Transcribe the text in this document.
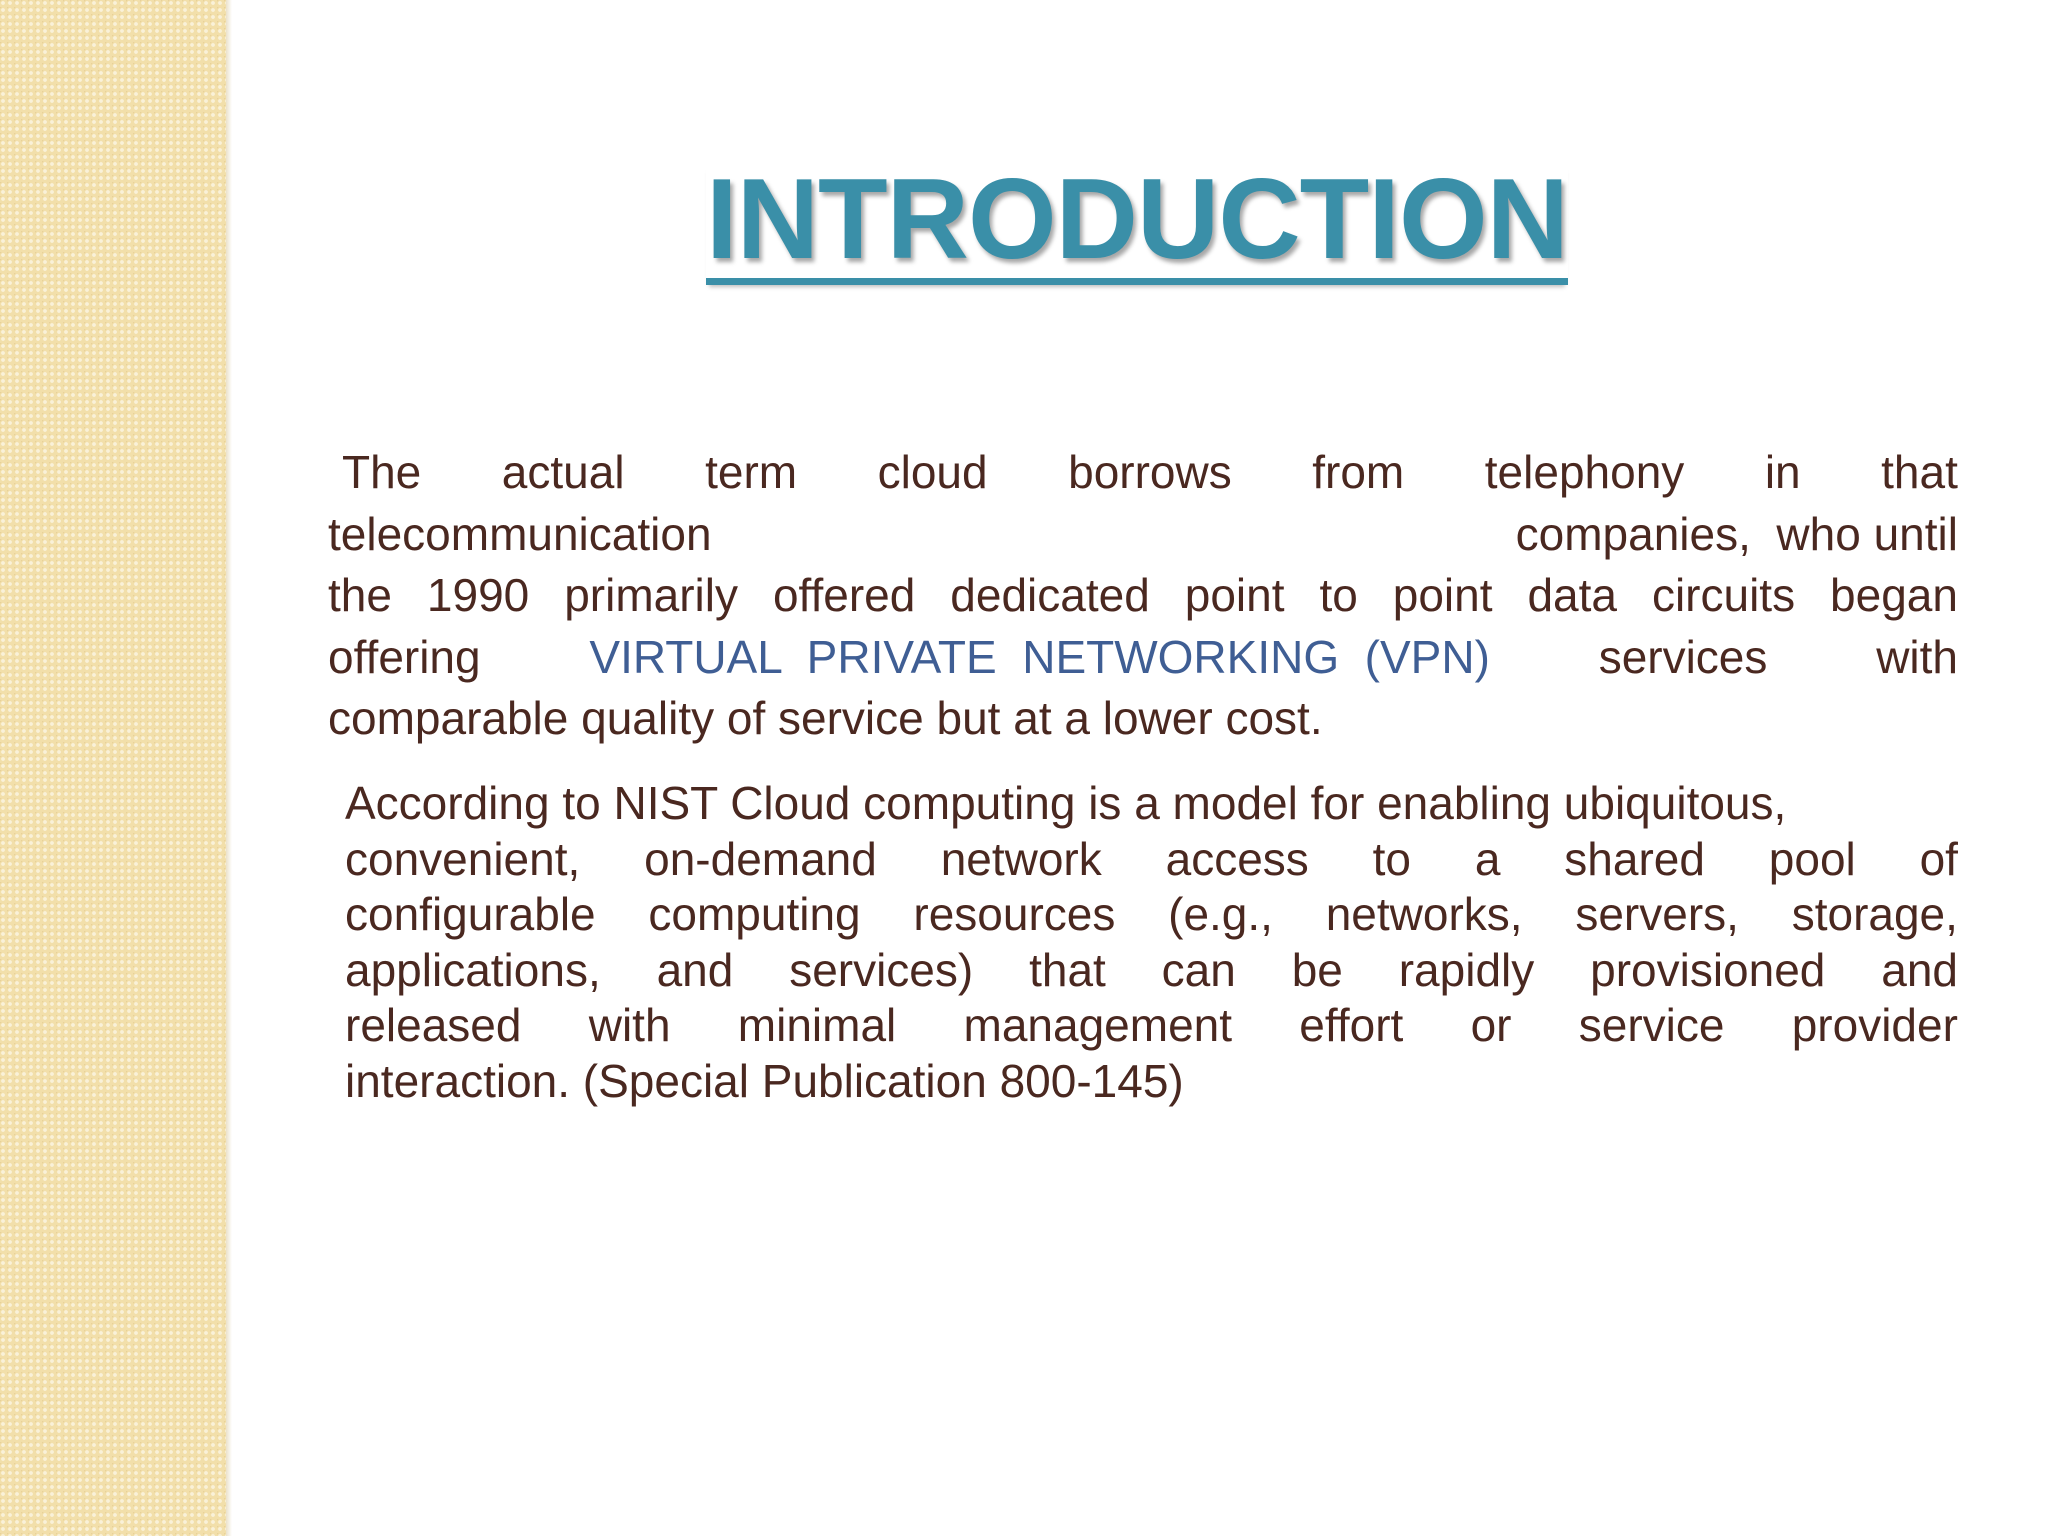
INTRODUCTION
The actual term cloud borrows from telephony in that
telecommunication	companies,  who until
the 1990 primarily offered dedicated point to point data circuits began
offering VIRTUAL  PRIVATE  NETWORKING  (VPN) services with
comparable quality of service but at a lower cost.
According to NIST Cloud computing is a model for enabling ubiquitous,
convenient, on-demand network access to a shared pool of
configurable computing resources (e.g., networks, servers, storage,
applications, and services) that can be rapidly provisioned and
released with minimal management effort or service provider
interaction. (Special Publication 800-145)
